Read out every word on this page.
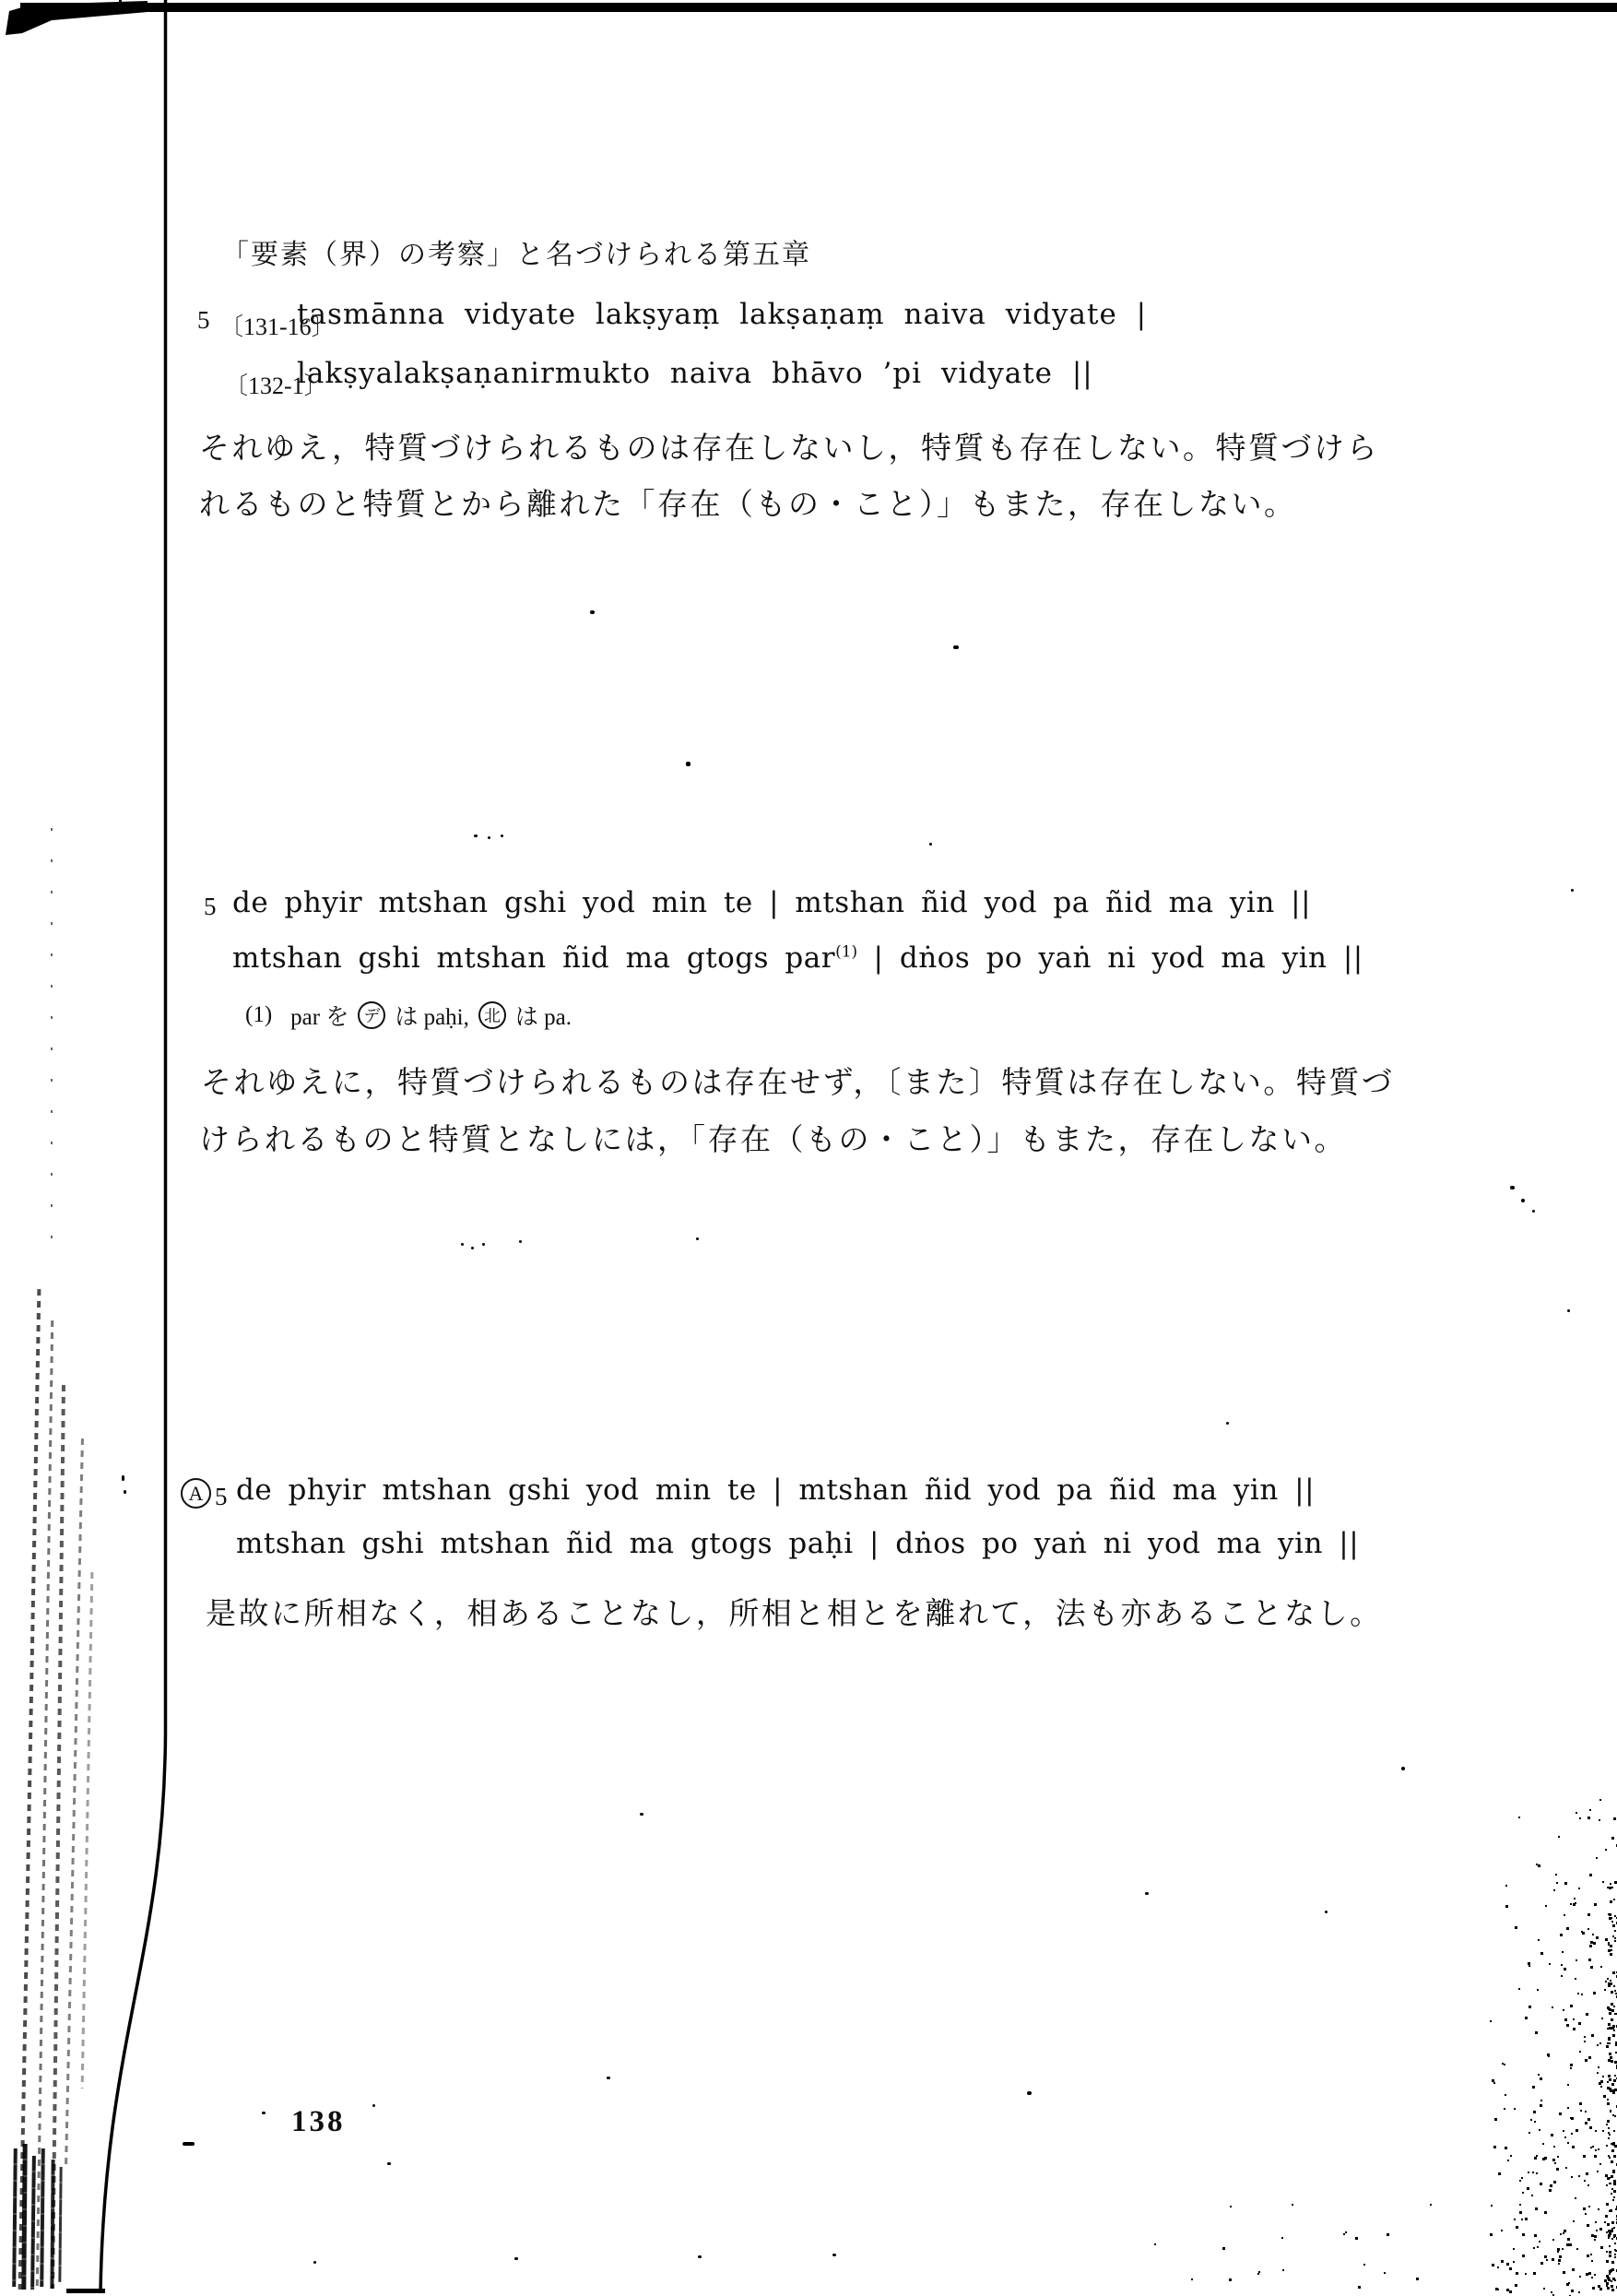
「要素（界）の考察」と名づけられる第五章
5 〔131-16〕
tasmānna vidyate lakṣyaṃ lakṣaṇaṃ naiva vidyate |
〔132-1〕
lakṣyalakṣaṇanirmukto naiva bhāvo ’pi vidyate ||
それゆえ，特質づけられるものは存在しないし，特質も存在しない。特質づけら
れるものと特質とから離れた「存在（もの・こと）」もまた，存在しない。
5 de phyir mtshan gshi yod min te | mtshan ñid yod pa ñid ma yin ||
mtshan gshi mtshan ñid ma gtogs par$^{(1)}$ | dṅos po yaṅ ni yod ma yin ||
(1) par を デ は paḥi, 北 は pa.
それゆえに，特質づけられるものは存在せず，〔また〕特質は存在しない。特質づ
けられるものと特質となしには，「存在（もの・こと）」もまた，存在しない。
A 5 de phyir mtshan gshi yod min te | mtshan ñid yod pa ñid ma yin ||
mtshan gshi mtshan ñid ma gtogs paḥi | dṅos po yaṅ ni yod ma yin ||
是故に所相なく，相あることなし，所相と相とを離れて，法も亦あることなし。
138
